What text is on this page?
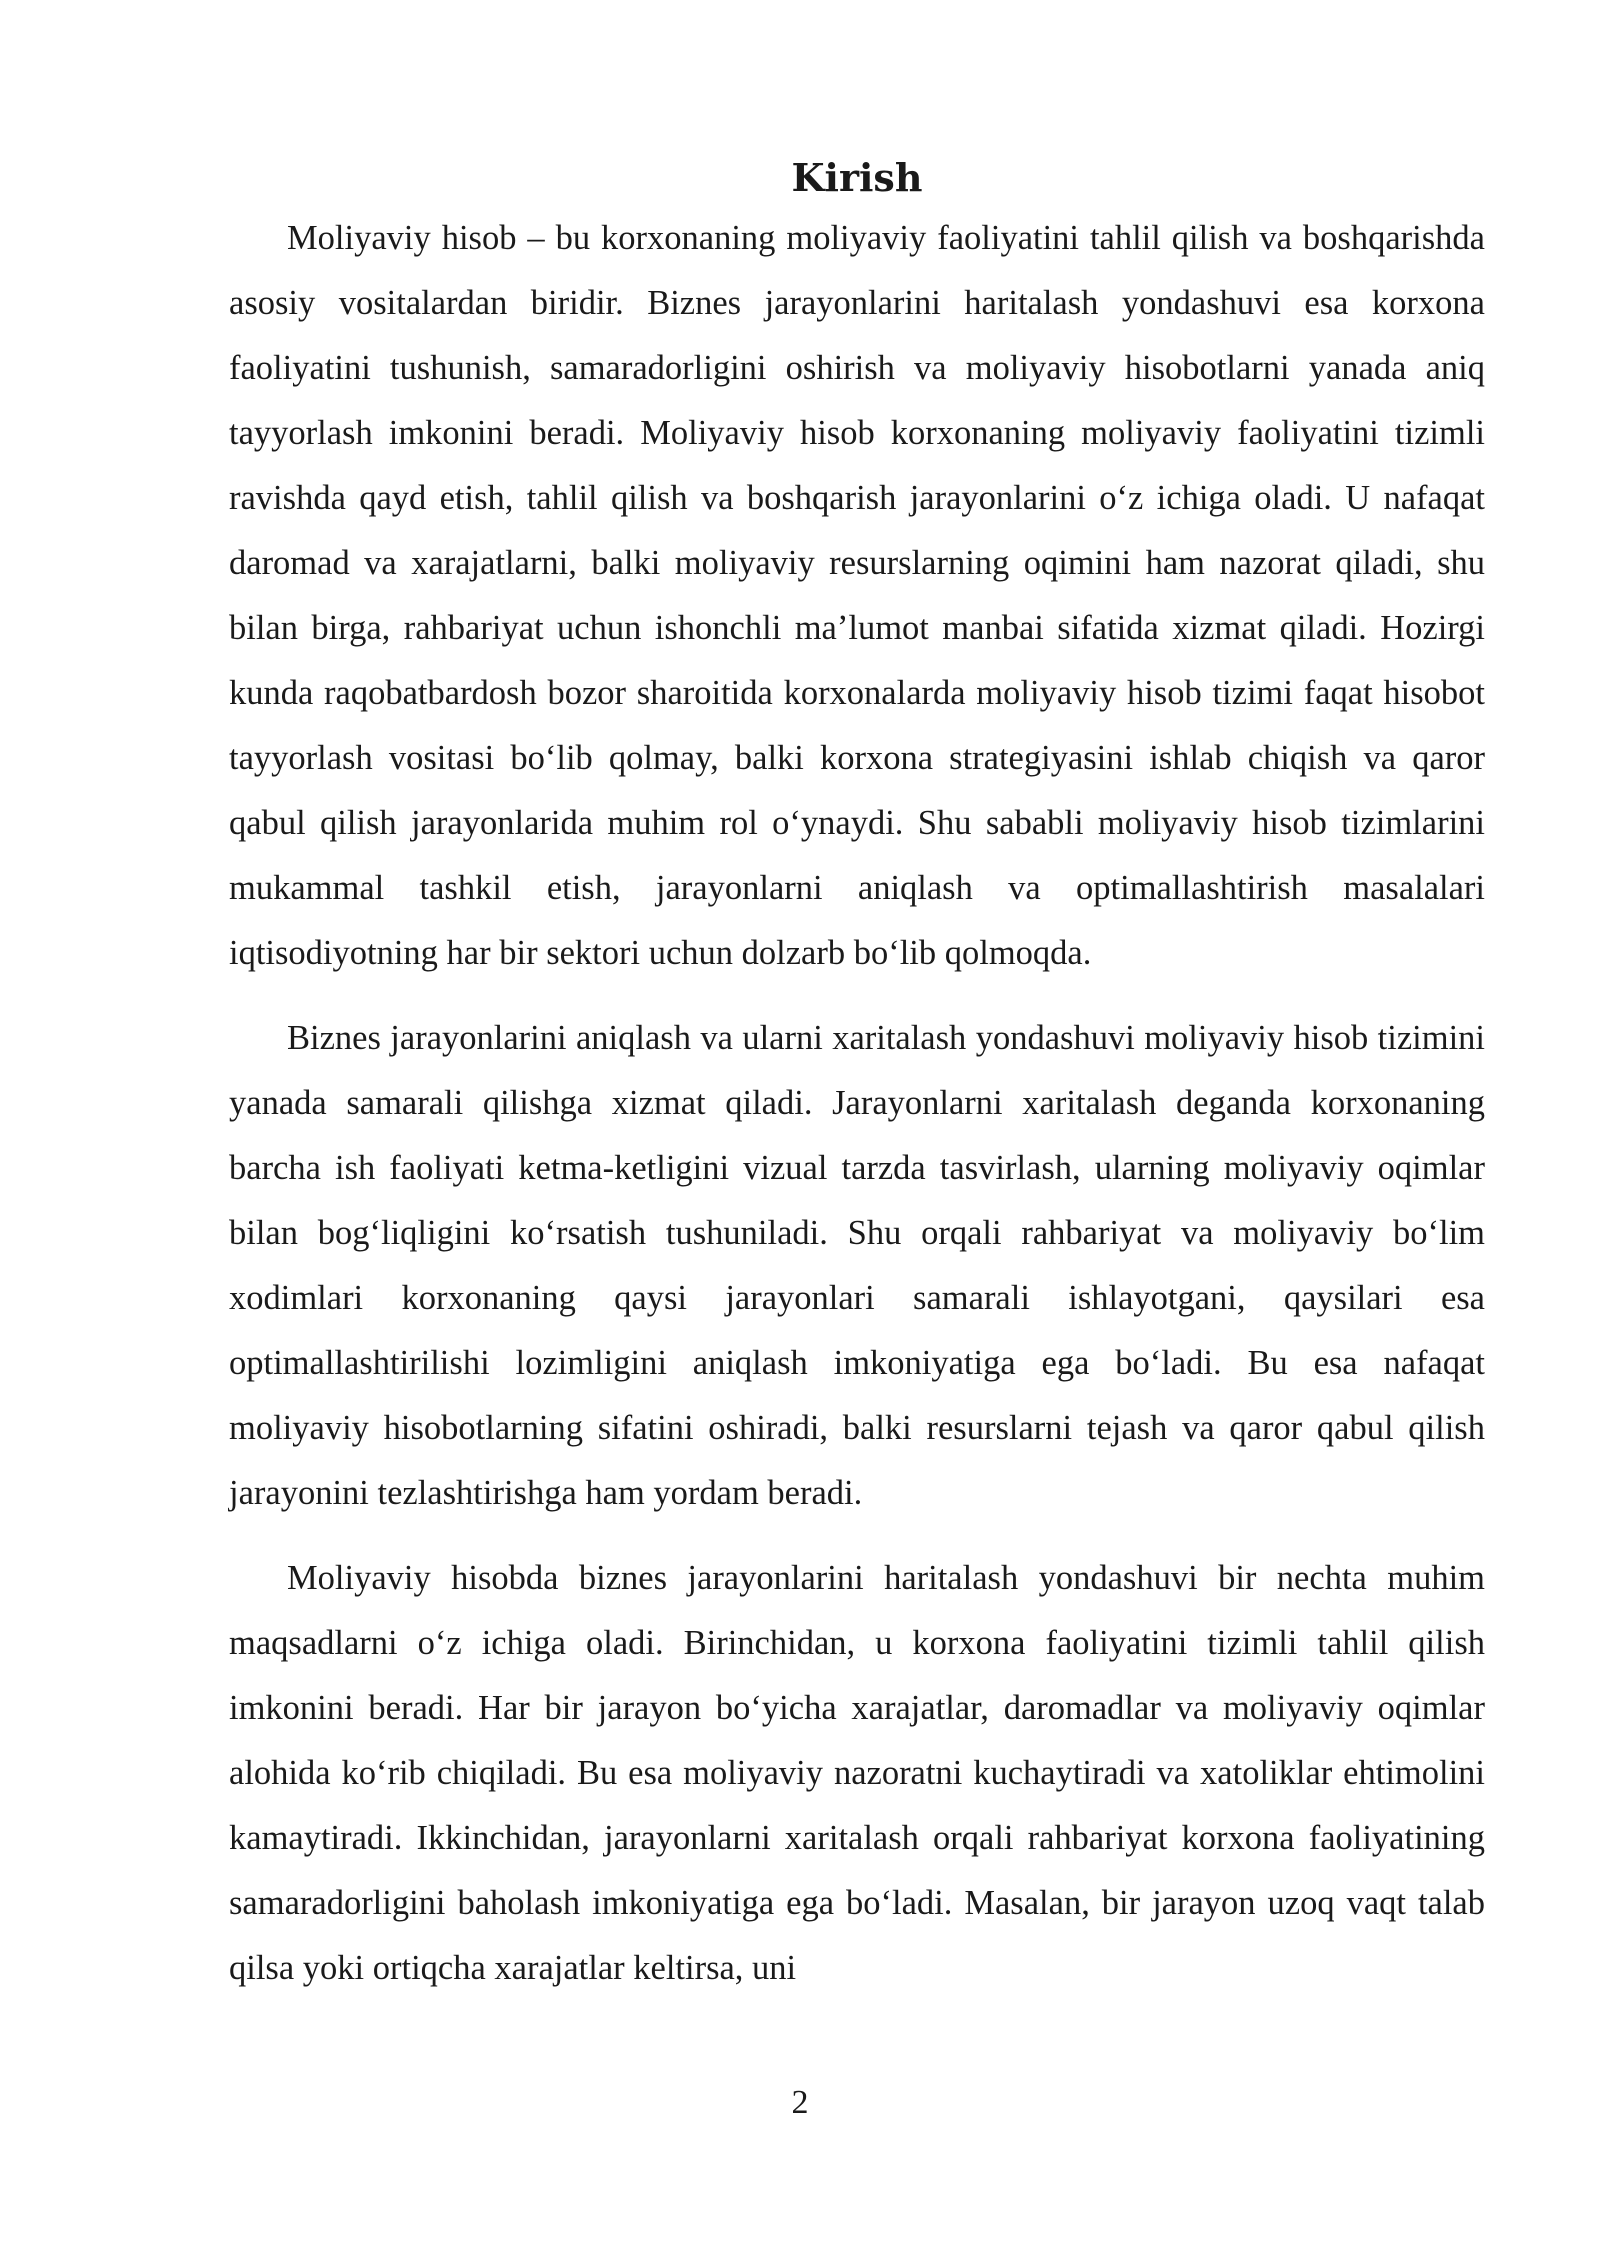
Kirish

Moliyaviy hisob – bu korxonaning moliyaviy faoliyatini tahlil qilish va boshqarishda asosiy vositalardan biridir. Biznes jarayonlarini haritalash yondashuvi esa korxona faoliyatini tushunish, samaradorligini oshirish va moliyaviy hisobotlarni yanada aniq tayyorlash imkonini beradi. Moliyaviy hisob korxonaning moliyaviy faoliyatini tizimli ravishda qayd etish, tahlil qilish va boshqarish jarayonlarini oʻz ichiga oladi. U nafaqat daromad va xarajatlarni, balki moliyaviy resurslarning oqimini ham nazorat qiladi, shu bilan birga, rahbariyat uchun ishonchli maʼlumot manbai sifatida xizmat qiladi. Hozirgi kunda raqobatbardosh bozor sharoitida korxonalarda moliyaviy hisob tizimi faqat hisobot tayyorlash vositasi boʻlib qolmay, balki korxona strategiyasini ishlab chiqish va qaror qabul qilish jarayonlarida muhim rol oʻynaydi. Shu sababli moliyaviy hisob tizimlarini mukammal tashkil etish, jarayonlarni aniqlash va optimallashtirish masalalari iqtisodiyotning har bir sektori uchun dolzarb boʻlib qolmoqda.

Biznes jarayonlarini aniqlash va ularni xaritalash yondashuvi moliyaviy hisob tizimini yanada samarali qilishga xizmat qiladi. Jarayonlarni xaritalash deganda korxonaning barcha ish faoliyati ketma-ketligini vizual tarzda tasvirlash, ularning moliyaviy oqimlar bilan bogʻliqligini koʻrsatish tushuniladi. Shu orqali rahbariyat va moliyaviy boʻlim xodimlari korxonaning qaysi jarayonlari samarali ishlayotgani, qaysilari esa optimallashtirilishi lozimligini aniqlash imkoniyatiga ega boʻladi. Bu esa nafaqat moliyaviy hisobotlarning sifatini oshiradi, balki resurslarni tejash va qaror qabul qilish jarayonini tezlashtirishga ham yordam beradi.

Moliyaviy hisobda biznes jarayonlarini haritalash yondashuvi bir nechta muhim maqsadlarni oʻz ichiga oladi. Birinchidan, u korxona faoliyatini tizimli tahlil qilish imkonini beradi. Har bir jarayon boʻyicha xarajatlar, daromadlar va moliyaviy oqimlar alohida koʻrib chiqiladi. Bu esa moliyaviy nazoratni kuchaytiradi va xatoliklar ehtimolini kamaytiradi. Ikkinchidan, jarayonlarni xaritalash orqali rahbariyat korxona faoliyatining samaradorligini baholash imkoniyatiga ega boʻladi. Masalan, bir jarayon uzoq vaqt talab qilsa yoki ortiqcha xarajatlar keltirsa, uni

2
